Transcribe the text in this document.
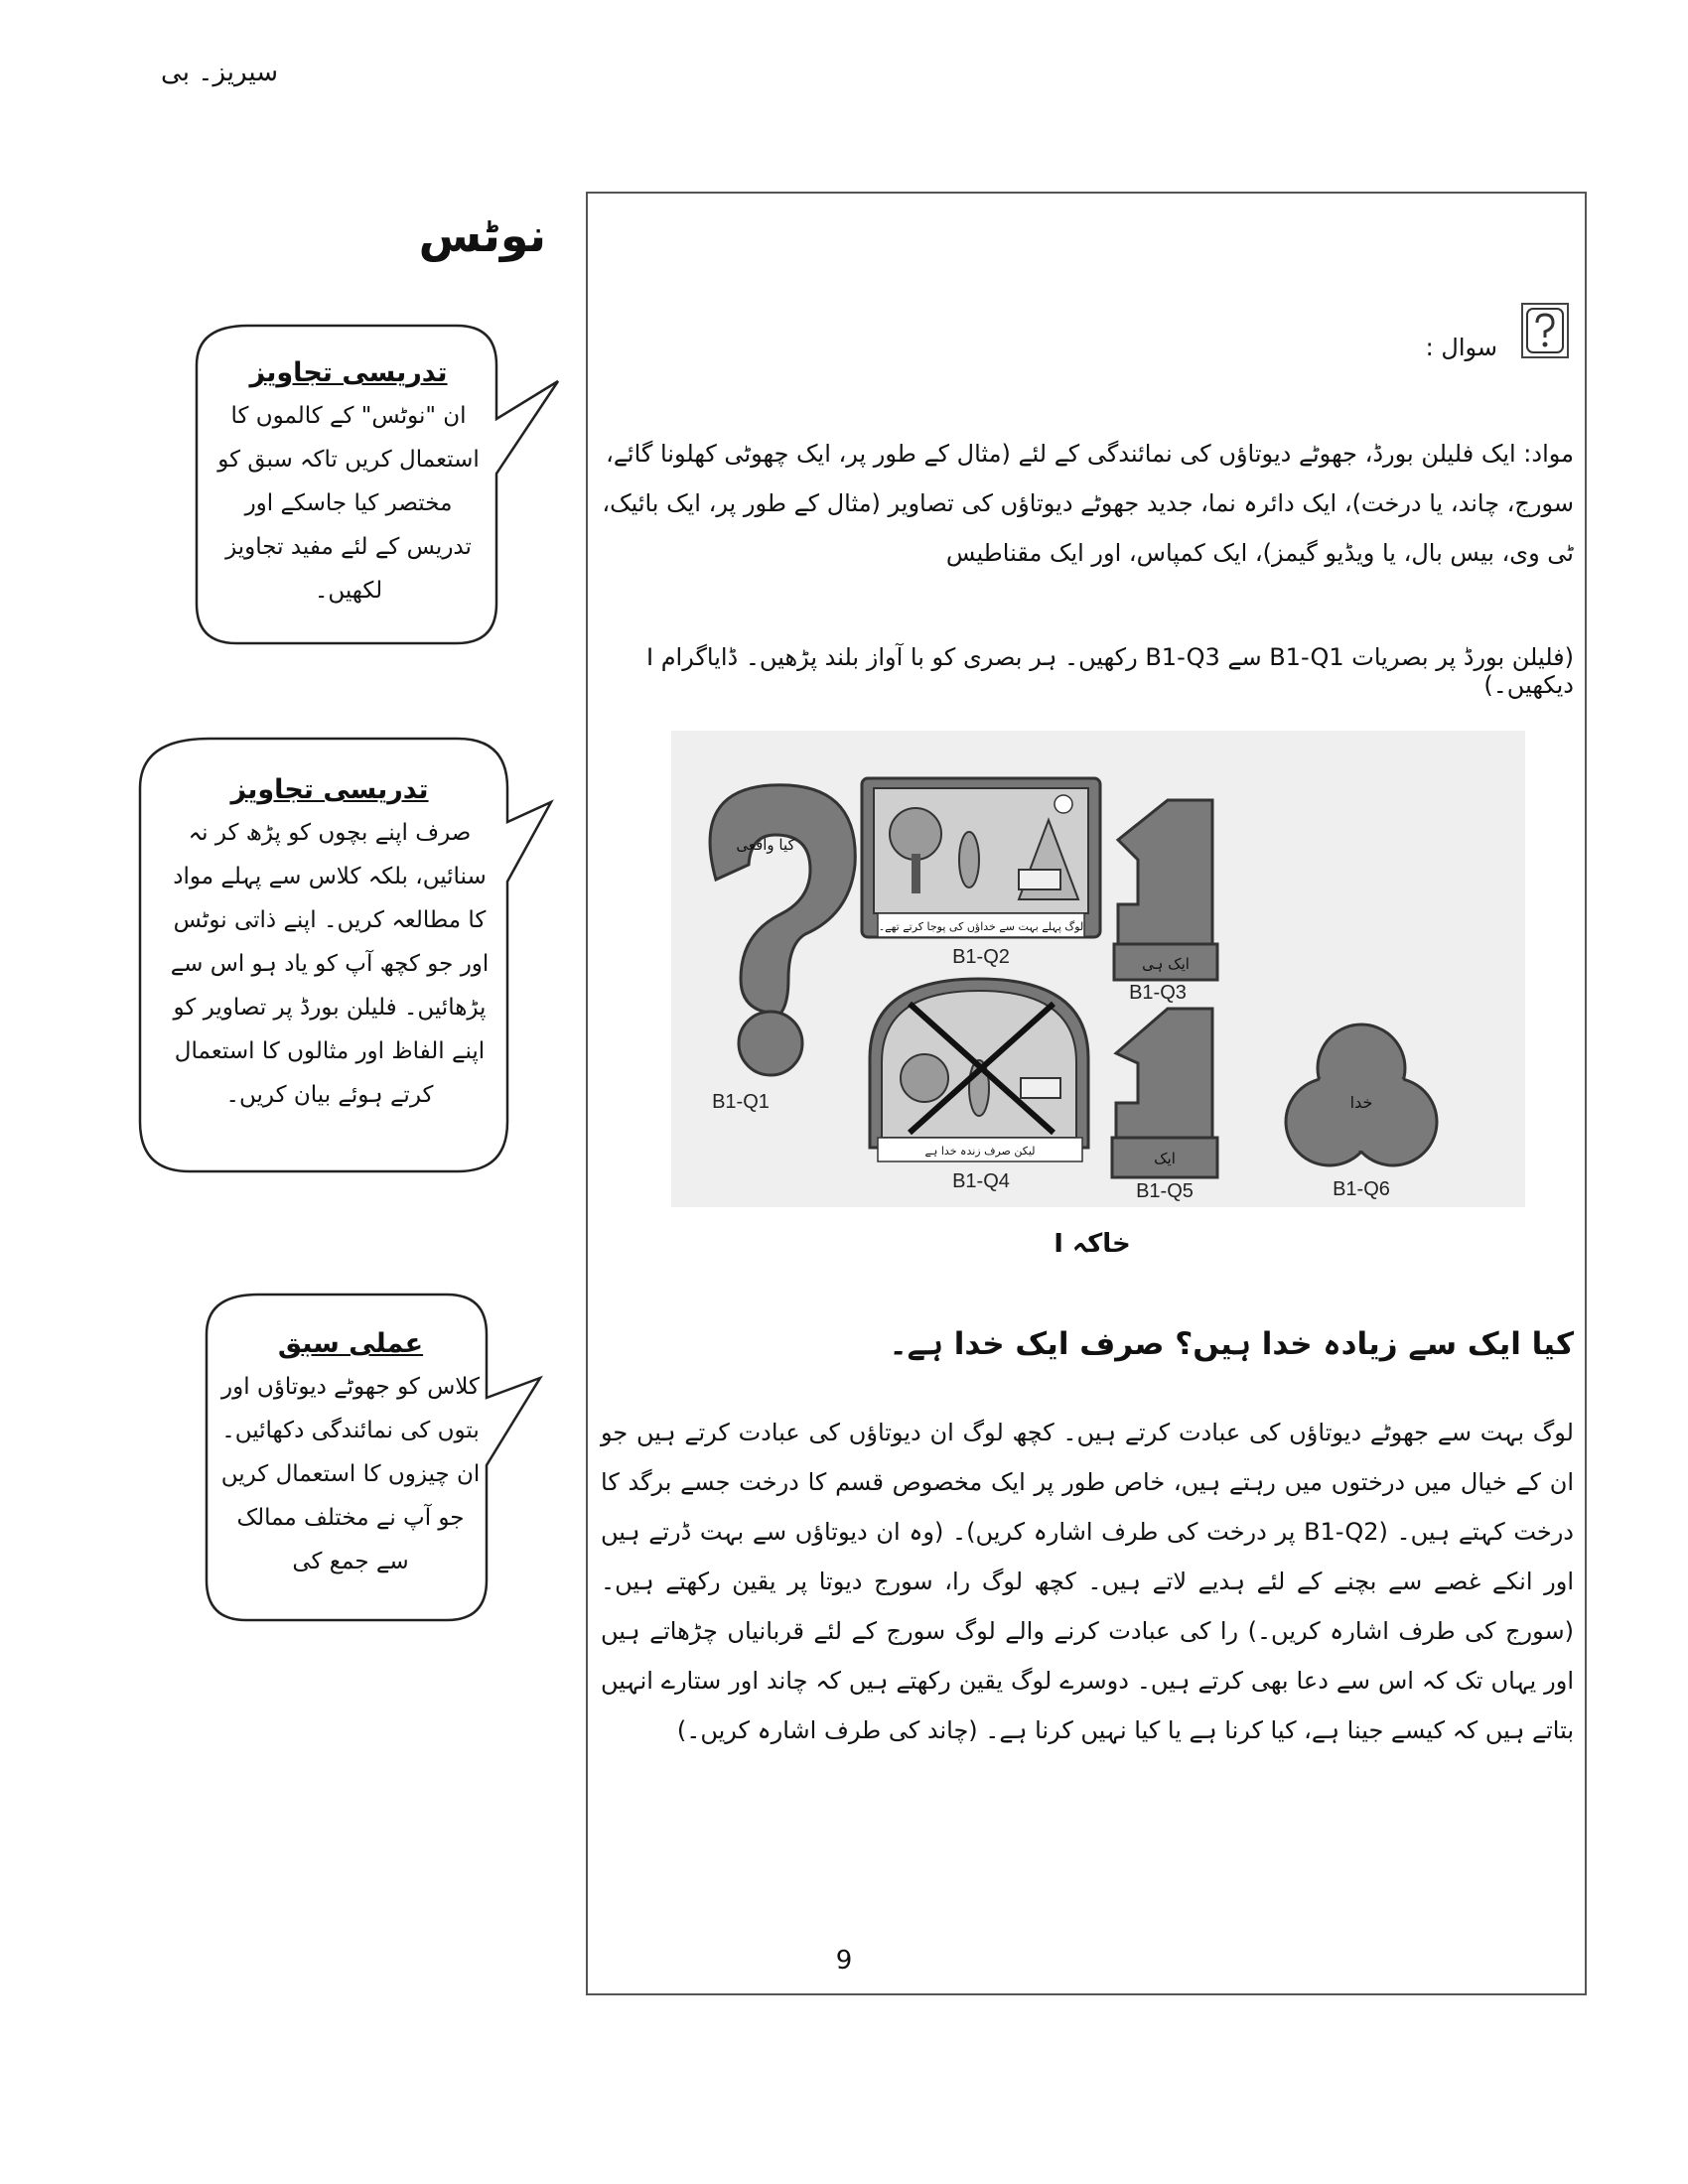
سیریز۔ بی
نوٹس
تدریسی تجاویز
ان "نوٹس" کے کالموں کا استعمال کریں تاکہ سبق کو مختصر کیا جاسکے اور تدریس کے لئے مفید تجاویز لکھیں۔
تدریسی تجاویز
صرف اپنے بچوں کو پڑھ کر نہ سنائیں، بلکہ کلاس سے پہلے مواد کا مطالعہ کریں۔ اپنے ذاتی نوٹس اور جو کچھ آپ کو یاد ہو اس سے پڑھائیں۔ فلیلن بورڈ پر تصاویر کو اپنے الفاظ اور مثالوں کا استعمال کرتے ہوئے بیان کریں۔
عملی سبق
کلاس کو جھوٹے دیوتاؤں اور بتوں کی نمائندگی دکھائیں۔ ان چیزوں کا استعمال کریں جو آپ نے مختلف ممالک سے جمع کی
سوال :
مواد: ایک فلیلن بورڈ، جھوٹے دیوتاؤں کی نمائندگی کے لئے (مثال کے طور پر، ایک چھوٹی کھلونا گائے، سورج، چاند، یا درخت)، ایک دائرہ نما، جدید جھوٹے دیوتاؤں کی تصاویر (مثال کے طور پر، ایک بائیک، ٹی وی، بیس بال، یا ویڈیو گیمز)، ایک کمپاس، اور ایک مقناطیس
(فلیلن بورڈ پر بصریات B1-Q1 سے B1-Q3 رکھیں۔ ہر بصری کو با آواز بلند پڑھیں۔ ڈایاگرام I دیکھیں۔)
کیا واقعی
B1-Q1
لوگ پہلے بہت سے خداؤں کی پوجا کرتے تھے۔
B1-Q2	ایک ہی
B1-Q3
لیکن صرف زندہ خدا ہے
B1-Q4
ایک
B1-Q5
خدا
B1-Q6
خاکہ I
کیا ایک سے زیادہ خدا ہیں؟ صرف ایک خدا ہے۔
لوگ بہت سے جھوٹے دیوتاؤں کی عبادت کرتے ہیں۔ کچھ لوگ ان دیوتاؤں کی عبادت کرتے ہیں جو ان کے خیال میں درختوں میں رہتے ہیں، خاص طور پر ایک مخصوص قسم کا درخت جسے برگد کا درخت کہتے ہیں۔ (B1-Q2 پر درخت کی طرف اشارہ کریں)۔ (وہ ان دیوتاؤں سے بہت ڈرتے ہیں اور انکے غصے سے بچنے کے لئے ہدیے لاتے ہیں۔ کچھ لوگ را، سورج دیوتا پر یقین رکھتے ہیں۔ (سورج کی طرف اشارہ کریں۔) را کی عبادت کرنے والے لوگ سورج کے لئے قربانیاں چڑھاتے ہیں اور یہاں تک کہ اس سے دعا بھی کرتے ہیں۔ دوسرے لوگ یقین رکھتے ہیں کہ چاند اور ستارے انہیں بتاتے ہیں کہ کیسے جینا ہے، کیا کرنا ہے یا کیا نہیں کرنا ہے۔ (چاند کی طرف اشارہ کریں۔)
9
